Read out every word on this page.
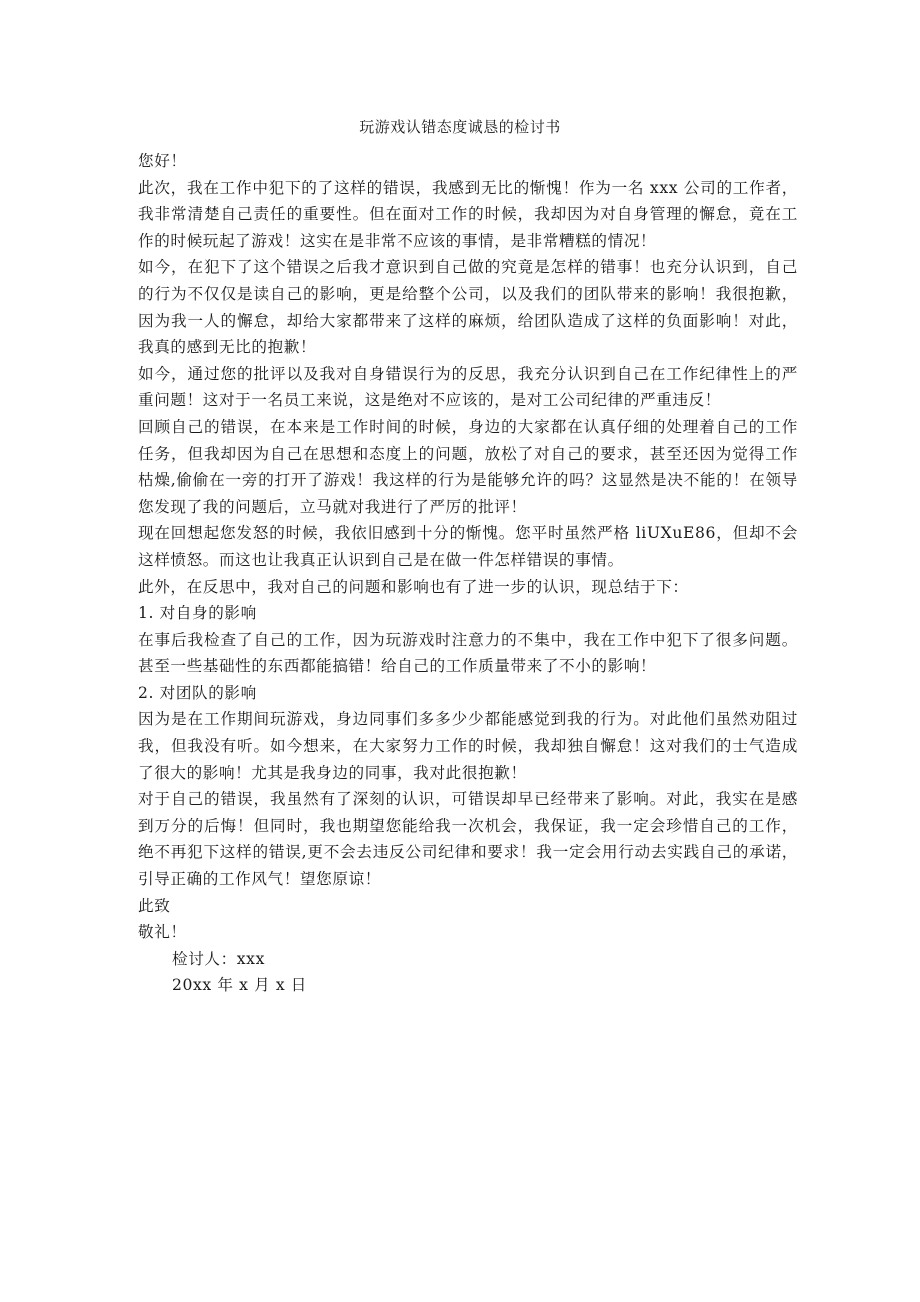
玩游戏认错态度诚恳的检讨书

您好！

此次，我在工作中犯下的了这样的错误，我感到无比的惭愧！作为一名 xxx 公司的工作者，我非常清楚自己责任的重要性。但在面对工作的时候，我却因为对自身管理的懈怠，竟在工作的时候玩起了游戏！这实在是非常不应该的事情，是非常糟糕的情况！

如今，在犯下了这个错误之后我才意识到自己做的究竟是怎样的错事！也充分认识到，自己的行为不仅仅是读自己的影响，更是给整个公司，以及我们的团队带来的影响！我很抱歉，因为我一人的懈怠，却给大家都带来了这样的麻烦，给团队造成了这样的负面影响！对此，我真的感到无比的抱歉！

如今，通过您的批评以及我对自身错误行为的反思，我充分认识到自己在工作纪律性上的严重问题！这对于一名员工来说，这是绝对不应该的，是对工公司纪律的严重违反！

回顾自己的错误，在本来是工作时间的时候，身边的大家都在认真仔细的处理着自己的工作任务，但我却因为自己在思想和态度上的问题，放松了对自己的要求，甚至还因为觉得工作枯燥,偷偷在一旁的打开了游戏！我这样的行为是能够允许的吗？这显然是决不能的！在领导您发现了我的问题后，立马就对我进行了严厉的批评！

现在回想起您发怒的时候，我依旧感到十分的惭愧。您平时虽然严格 liUXuE86，但却不会这样愤怒。而这也让我真正认识到自己是在做一件怎样错误的事情。

此外，在反思中，我对自己的问题和影响也有了进一步的认识，现总结于下：

1. 对自身的影响

在事后我检查了自己的工作，因为玩游戏时注意力的不集中，我在工作中犯下了很多问题。甚至一些基础性的东西都能搞错！给自己的工作质量带来了不小的影响！

2. 对团队的影响

因为是在工作期间玩游戏，身边同事们多多少少都能感觉到我的行为。对此他们虽然劝阻过我，但我没有听。如今想来，在大家努力工作的时候，我却独自懈怠！这对我们的士气造成了很大的影响！尤其是我身边的同事，我对此很抱歉！

对于自己的错误，我虽然有了深刻的认识，可错误却早已经带来了影响。对此，我实在是感到万分的后悔！但同时，我也期望您能给我一次机会，我保证，我一定会珍惜自己的工作，绝不再犯下这样的错误,更不会去违反公司纪律和要求！我一定会用行动去实践自己的承诺，引导正确的工作风气！望您原谅！

此致

敬礼！

检讨人：xxx

20xx 年 x 月 x 日
